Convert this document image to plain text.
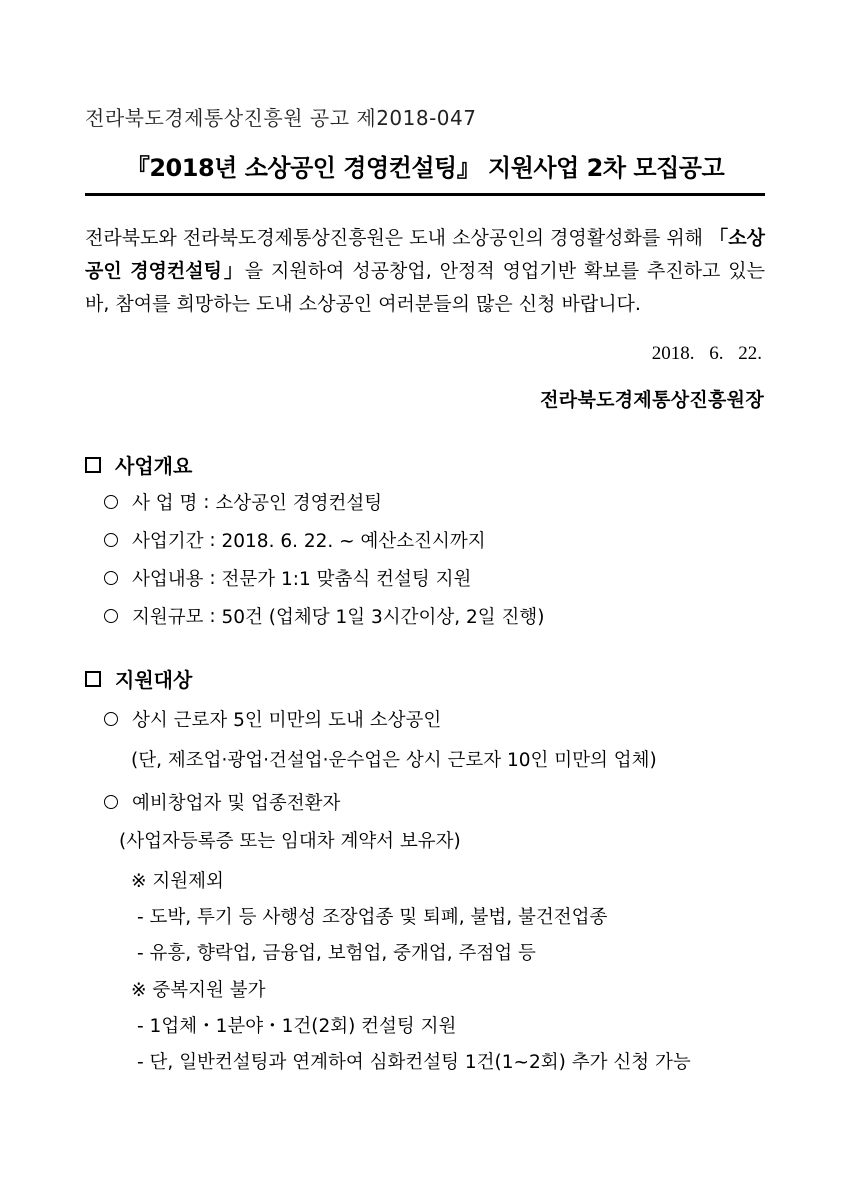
전라북도경제통상진흥원 공고 제2018-047
『2018년 소상공인 경영컨설팅』 지원사업 2차 모집공고
전라북도와 전라북도경제통상진흥원은 도내 소상공인의 경영활성화를 위해 「소상공인 경영컨설팅」을 지원하여 성공창업, 안정적 영업기반 확보를 추진하고 있는바, 참여를 희망하는 도내 소상공인 여러분들의 많은 신청 바랍니다.
2018. 6. 22.
전라북도경제통상진흥원장
사업개요
사 업 명 : 소상공인 경영컨설팅
사업기간 : 2018. 6. 22. ~ 예산소진시까지
사업내용 : 전문가 1:1 맞춤식 컨설팅 지원
지원규모 : 50건 (업체당 1일 3시간이상, 2일 진행)
지원대상
상시 근로자 5인 미만의 도내 소상공인
(단, 제조업·광업·건설업·운수업은 상시 근로자 10인 미만의 업체)
예비창업자 및 업종전환자
(사업자등록증 또는 임대차 계약서 보유자)
※ 지원제외
- 도박, 투기 등 사행성 조장업종 및 퇴폐, 불법, 불건전업종
- 유흥, 향락업, 금융업, 보험업, 중개업, 주점업 등
※ 중복지원 불가
- 1업체・1분야・1건(2회) 컨설팅 지원
- 단, 일반컨설팅과 연계하여 심화컨설팅 1건(1~2회) 추가 신청 가능
